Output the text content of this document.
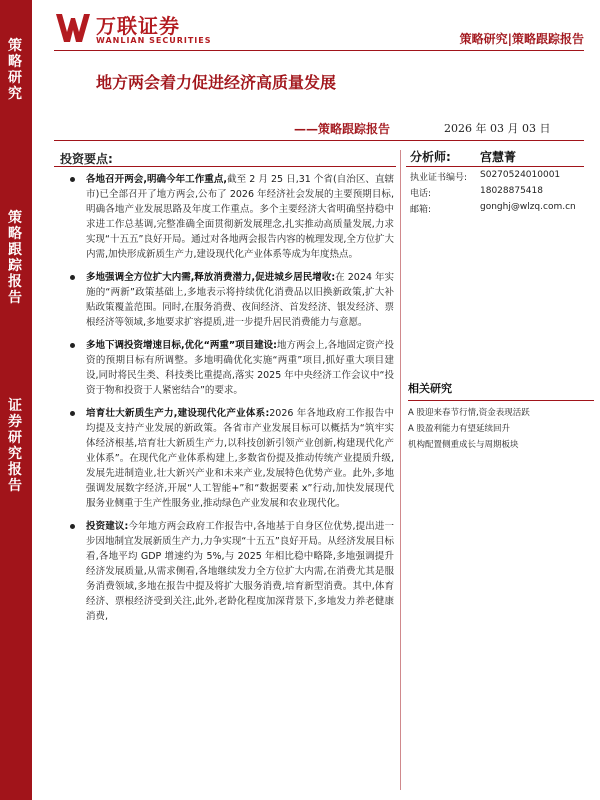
策略研究
策略跟踪报告
证券研究报告
万联证券
WANLIAN SECURITIES	策略研究|策略跟踪报告
地方两会着力促进经济高质量发展
——策略跟踪报告	2026 年 03 月 03 日
投资要点:
各地召开两会,明确今年工作重点,截至 2 月 25 日,31 个省(自治区、直辖市)已全部召开了地方两会,公布了 2026 年经济社会发展的主要预期目标,明确各地产业发展思路及年度工作重点。多个主要经济大省明确坚持稳中求进工作总基调,完整准确全面贯彻新发展理念,扎实推动高质量发展,力求实现“十五五”良好开局。通过对各地两会报告内容的梳理发现,全方位扩大内需,加快形成新质生产力,建设现代化产业体系等成为年度热点。
多地强调全方位扩大内需,释放消费潜力,促进城乡居民增收:在 2024 年实施的“两新”政策基础上,多地表示将持续优化消费品以旧换新政策,扩大补贴政策覆盖范围。同时,在服务消费、夜间经济、首发经济、银发经济、票根经济等领域,多地要求扩容提质,进一步提升居民消费能力与意愿。
多地下调投资增速目标,优化“两重”项目建设:地方两会上,各地固定资产投资的预期目标有所调整。多地明确优化实施“两重”项目,抓好重大项目建设,同时将民生类、科技类比重提高,落实 2025 年中央经济工作会议中“投资于物和投资于人紧密结合”的要求。
培育壮大新质生产力,建设现代化产业体系:2026 年各地政府工作报告中均提及支持产业发展的新政策。各省市产业发展目标可以概括为“筑牢实体经济根基,培育壮大新质生产力,以科技创新引领产业创新,构建现代化产业体系”。在现代化产业体系构建上,多数省份提及推动传统产业提质升级,发展先进制造业,壮大新兴产业和未来产业,发展特色优势产业。此外,多地强调发展数字经济,开展“人工智能+”和“数据要素 x”行动,加快发展现代服务业侧重于生产性服务业,推动绿色产业发展和农业现代化。
投资建议:今年地方两会政府工作报告中,各地基于自身区位优势,提出进一步因地制宜发展新质生产力,力争实现“十五五”良好开局。从经济发展目标看,各地平均 GDP 增速约为 5%,与 2025 年相比稳中略降,多地强调提升经济发展质量,从需求侧看,各地继续发力全方位扩大内需,在消费尤其是服务消费领域,多地在报告中提及将扩大服务消费,培育新型消费。其中,体育经济、票根经济受到关注,此外,老龄化程度加深背景下,多地发力养老健康消费,
分析师: 宫慧菁
执业证书编号: S0270524010001
电话:	18028875418
邮箱:	gonghj@wlzq.com.cn
相关研究
A 股迎来春节行情,资金表现活跃
A 股盈利能力有望延续回升
机构配置侧重成长与周期板块
